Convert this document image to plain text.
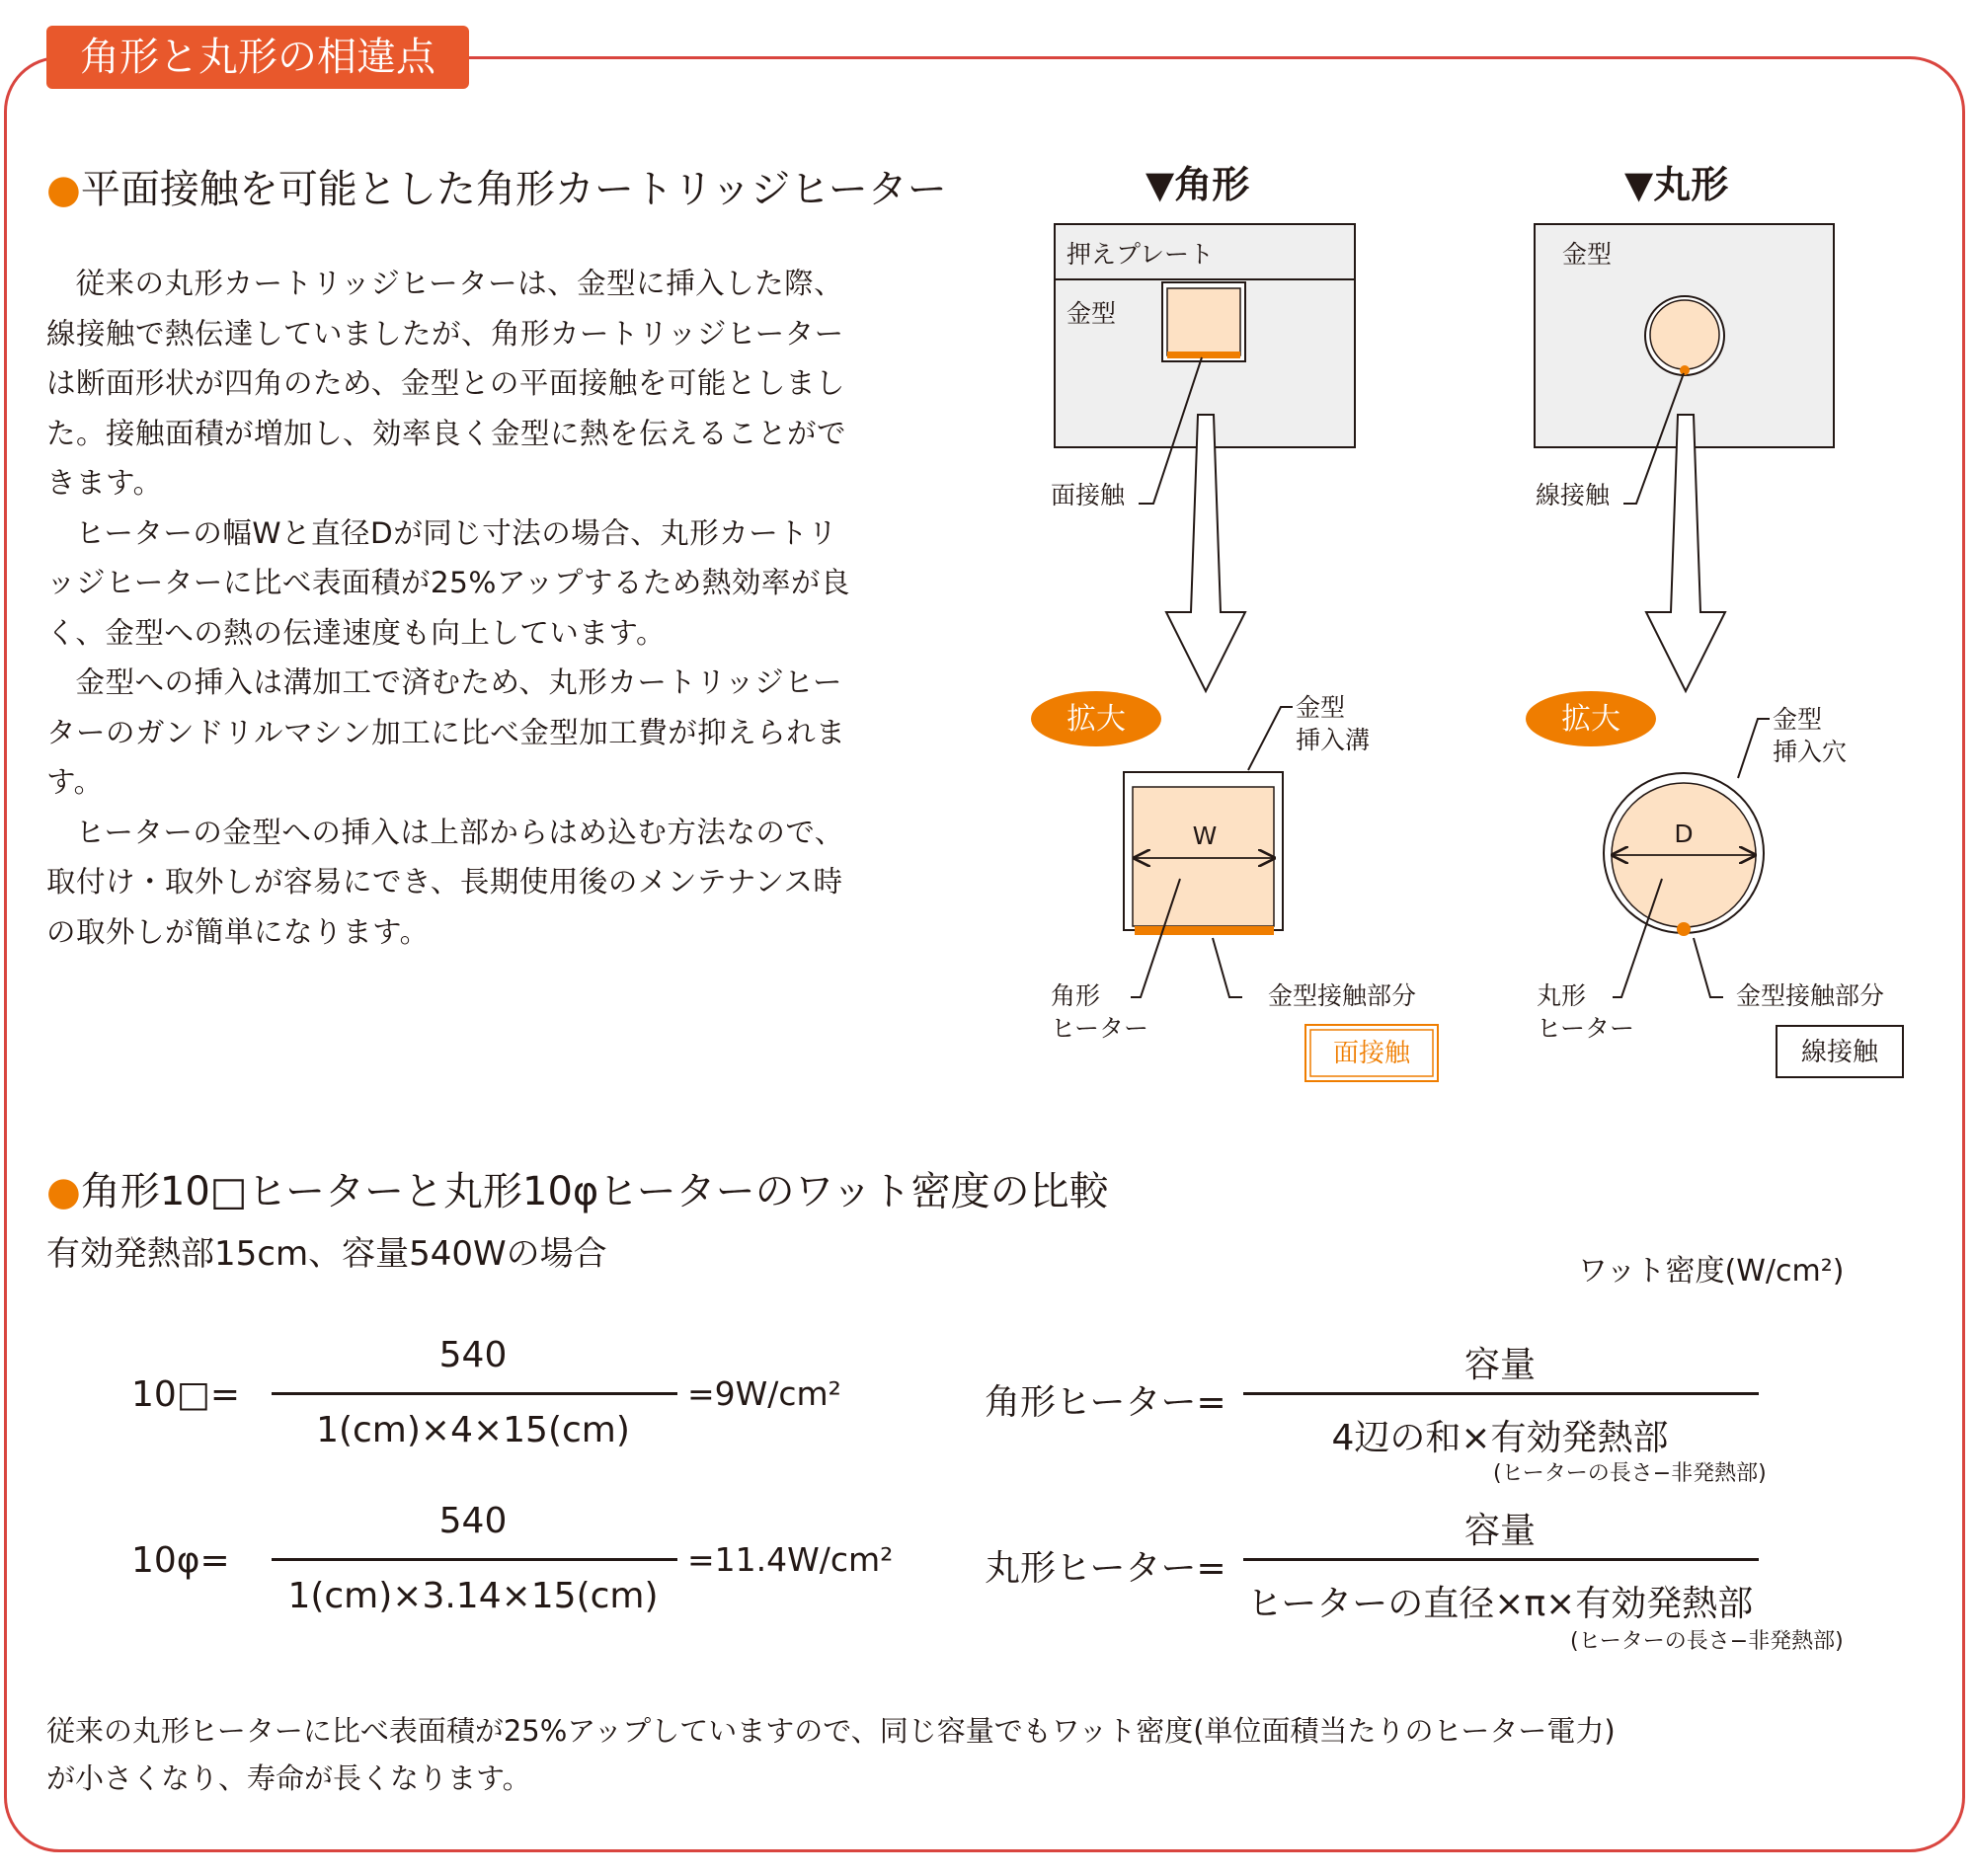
角形と丸形の相違点
●平面接触を可能とした角形カートリッジヒーター

従来の丸形カートリッジヒーターは、金型に挿入した際、線接触で熱伝達していましたが、角形カートリッジヒーターは断面形状が四角のため、金型との平面接触を可能としました。接触面積が増加し、効率良く金型に熱を伝えることができます。

ヒーターの幅Wと直径Dが同じ寸法の場合、丸形カートリッジヒーターに比べ表面積が25%アップするため熱効率が良く、金型への熱の伝達速度も向上しています。

金型への挿入は溝加工で済むため、丸形カートリッジヒーターのガンドリルマシン加工に比べ金型加工費が抑えられます。

ヒーターの金型への挿入は上部からはめ込む方法なので、取付け・取外しが容易にでき、長期使用後のメンテナンス時の取外しが簡単になります。

▼角形
押えプレート
金型
面接触
拡大	金型
挿入溝
W
角形
ヒーター
金型接触部分
面接触
▼丸形
金型
線接触
拡大	金型
挿入穴
D
丸形
ヒーター
金型接触部分
線接触
●角形10□ヒーターと丸形10φヒーターのワット密度の比較
有効発熱部15cm、容量540Wの場合	ワット密度(W/cm²)
10□=
540
1(cm)×4×15(cm)
=9W/cm²	角形ヒーター=
容量
4辺の和×有効発熱部
(ヒーターの長さ−非発熱部)
10φ=
540
1(cm)×3.14×15(cm)
=11.4W/cm²	丸形ヒーター=
容量
ヒーターの直径×π×有効発熱部
(ヒーターの長さ−非発熱部)
従来の丸形ヒーターに比べ表面積が25%アップしていますので、同じ容量でもワット密度(単位面積当たりのヒーター電力)
が小さくなり、寿命が長くなります。
